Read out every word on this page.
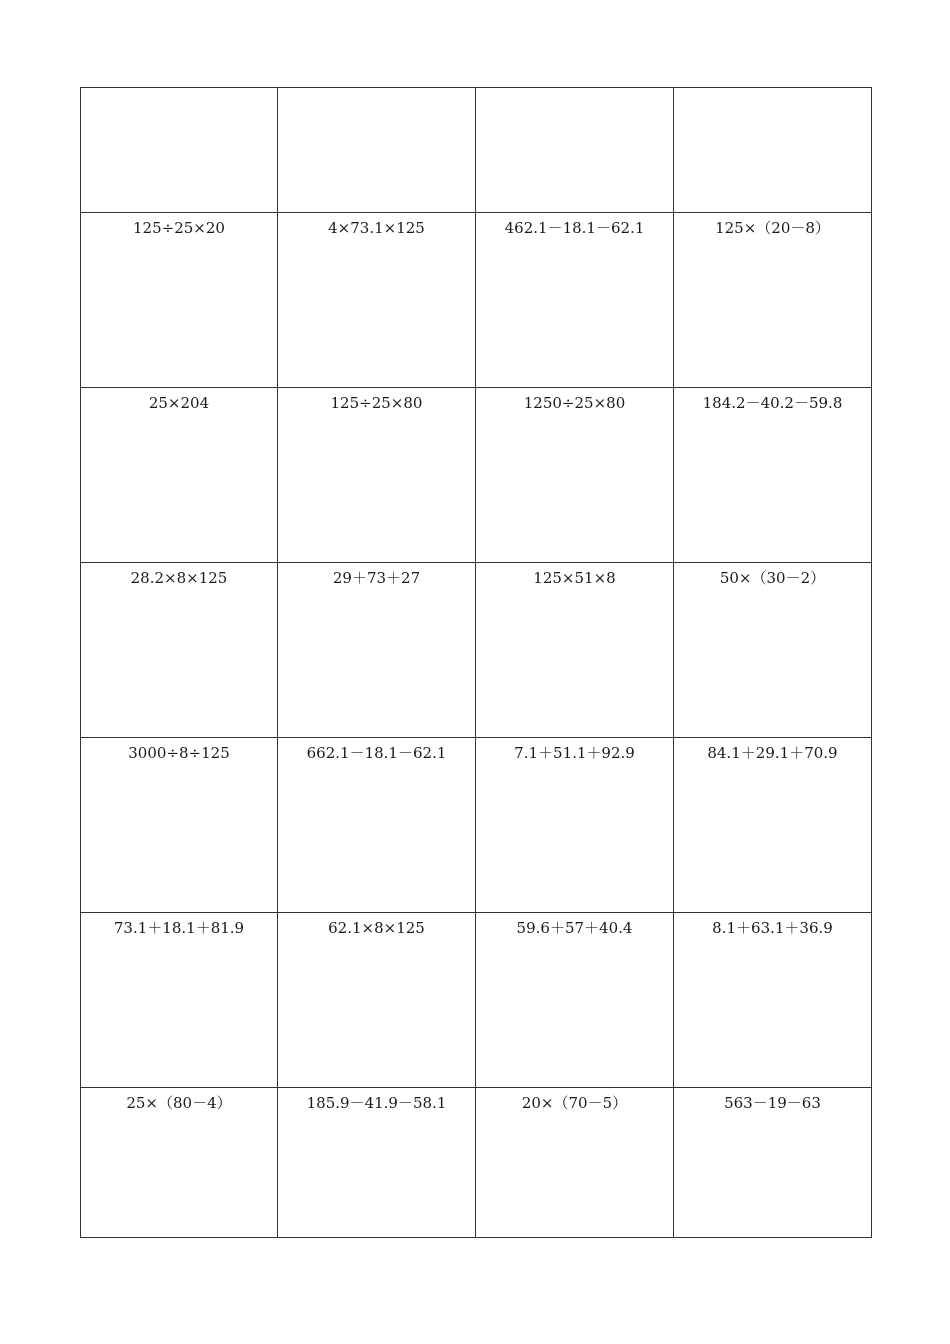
125÷25×20	4×73.1×125	462.1－18.1－62.1	125×（20－8）
25×204	125÷25×80	1250÷25×80	184.2－40.2－59.8
28.2×8×125	29＋73＋27	125×51×8	50×（30－2）
3000÷8÷125	662.1－18.1－62.1	7.1＋51.1＋92.9	84.1＋29.1＋70.9
73.1＋18.1＋81.9	62.1×8×125	59.6＋57＋40.4	8.1＋63.1＋36.9
25×（80－4）	185.9－41.9－58.1	20×（70－5）	563－19－63
